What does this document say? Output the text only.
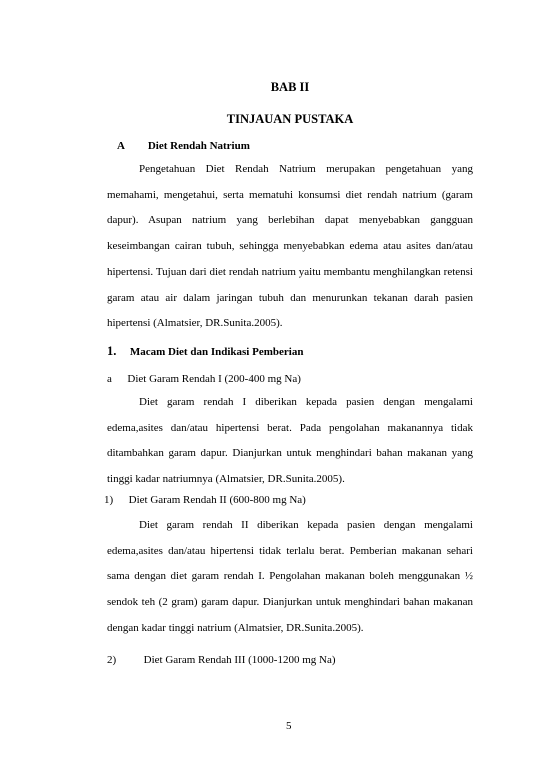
BAB II
TINJAUAN PUSTAKA
A Diet Rendah Natrium
Pengetahuan Diet Rendah Natrium merupakan pengetahuan yang memahami, mengetahui, serta mematuhi konsumsi diet rendah natrium (garam dapur). Asupan natrium yang berlebihan dapat menyebabkan gangguan keseimbangan cairan tubuh, sehingga menyebabkan edema atau asites dan/atau hipertensi. Tujuan dari diet rendah natrium yaitu membantu menghilangkan retensi garam atau air dalam jaringan tubuh dan menurunkan tekanan darah pasien hipertensi (Almatsier, DR.Sunita.2005).
1. Macam Diet dan Indikasi Pemberian
a Diet Garam Rendah I (200-400 mg Na)
Diet garam rendah I diberikan kepada pasien dengan mengalami edema,asites dan/atau hipertensi berat. Pada pengolahan makanannya tidak ditambahkan garam dapur. Dianjurkan untuk menghindari bahan makanan yang tinggi kadar natriumnya (Almatsier, DR.Sunita.2005).
1) Diet Garam Rendah II (600-800 mg Na)
Diet garam rendah II diberikan kepada pasien dengan mengalami edema,asites dan/atau hipertensi tidak terlalu berat. Pemberian makanan sehari sama dengan diet garam rendah I. Pengolahan makanan boleh menggunakan ½ sendok teh (2 gram) garam dapur. Dianjurkan untuk menghindari bahan makanan dengan kadar tinggi natrium (Almatsier, DR.Sunita.2005).
2)	Diet Garam Rendah III (1000-1200 mg Na)
5
